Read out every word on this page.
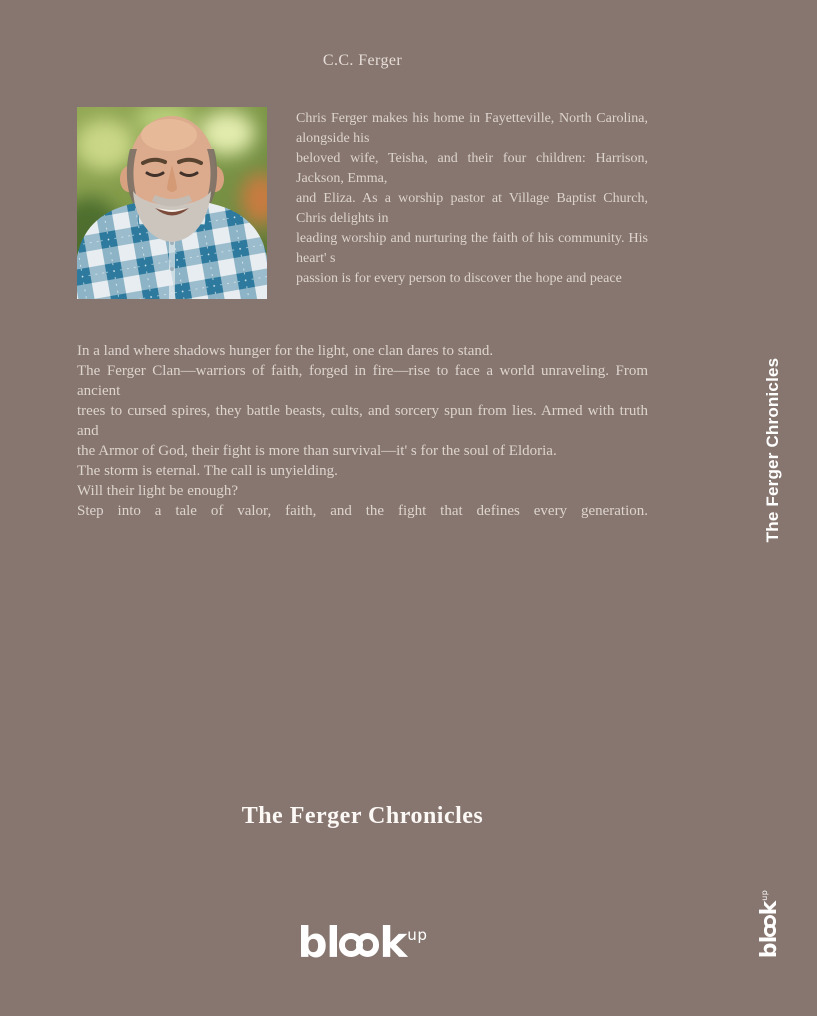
C.C. Ferger
Chris Ferger makes his home in Fayetteville, North Carolina, alongside his
beloved wife, Teisha, and their four children: Harrison, Jackson, Emma,
and Eliza. As a worship pastor at Village Baptist Church, Chris delights in
leading worship and nurturing the faith of his community. His heart' s
passion is for every person to discover the hope and peace
In a land where shadows hunger for the light, one clan dares to stand.
The Ferger Clan—warriors of faith, forged in fire—rise to face a world unraveling. From ancient
trees to cursed spires, they battle beasts, cults, and sorcery spun from lies. Armed with truth and
the Armor of God, their fight is more than survival—it' s for the soul of Eldoria.
The storm is eternal. The call is unyielding.
Will their light be enough?
Step into a tale of valor, faith, and the fight that defines every generation.
The Ferger Chronicles
bl kup
The Ferger Chronicles
blkup
